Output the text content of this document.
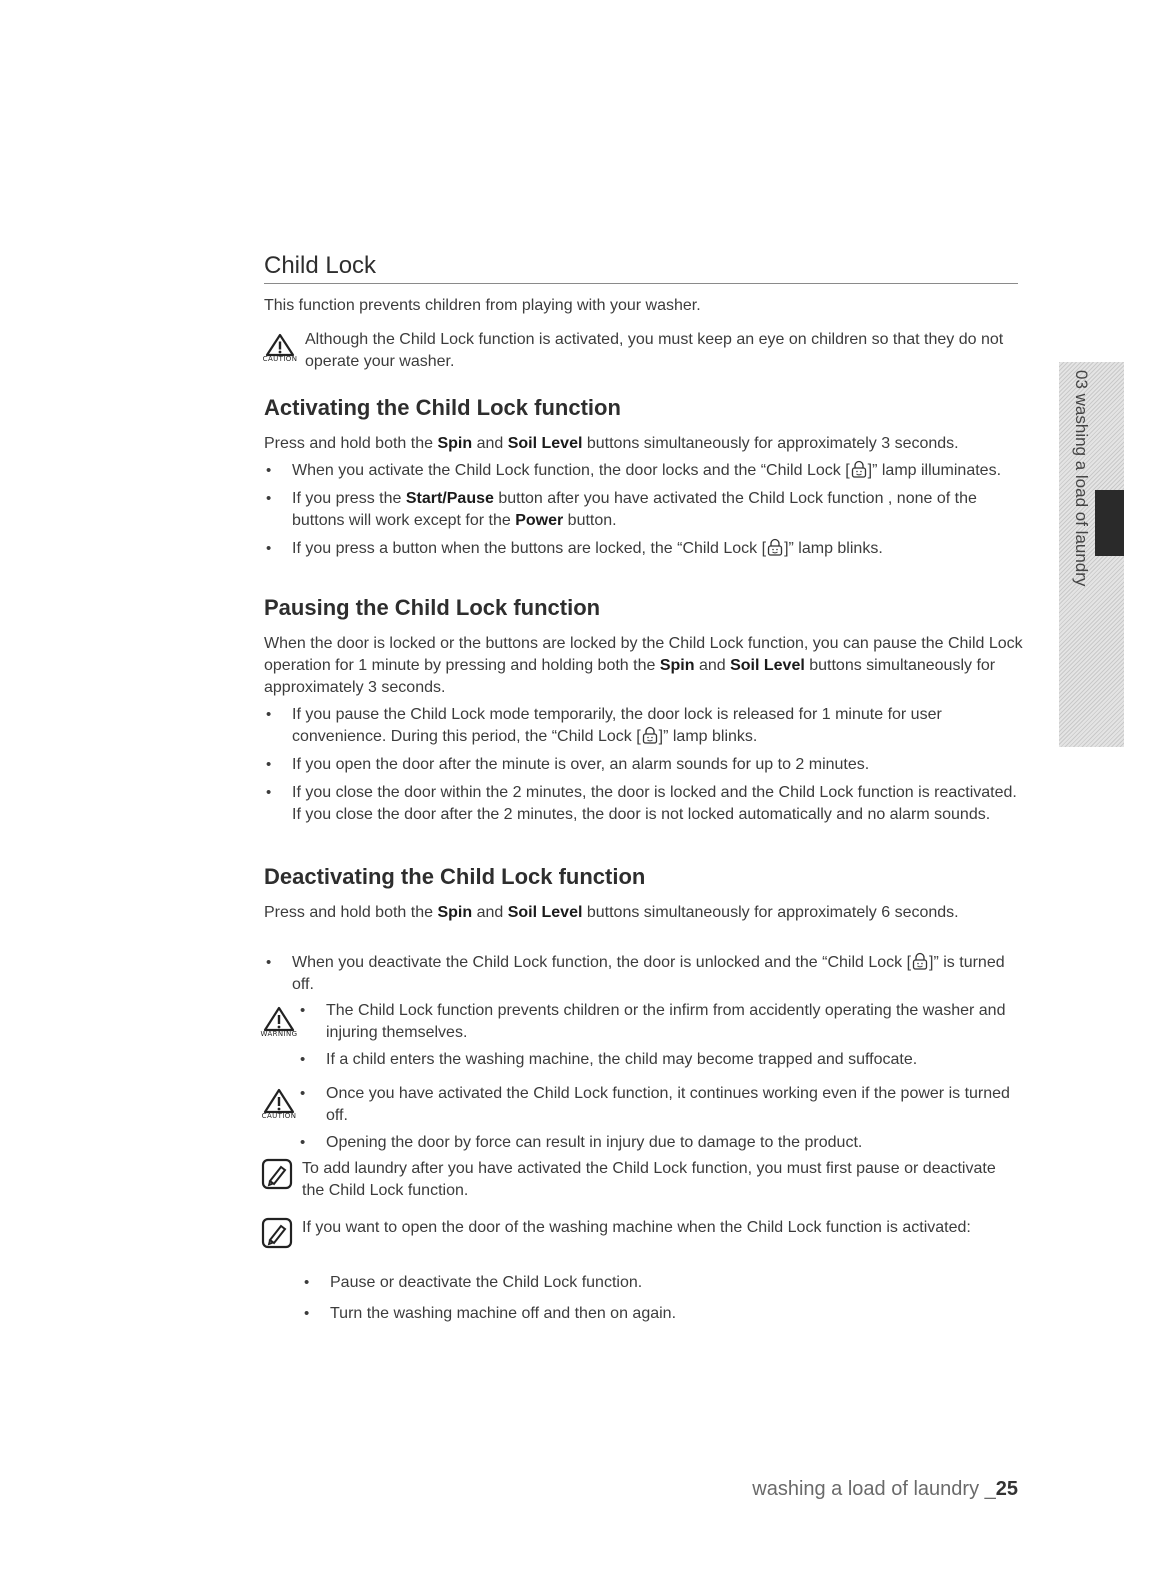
Child Lock

This function prevents children from playing with your washer.

CAUTION

Although the Child Lock function is activated, you must keep an eye on children so that they do not operate your washer.

Activating the Child Lock function

Press and hold both the Spin and Soil Level buttons simultaneously for approximately 3 seconds.

• When you activate the Child Lock function, the door locks and the “Child Lock [ ]” lamp illuminates.
• If you press the Start/Pause button after you have activated the Child Lock function , none of the buttons will work except for the Power button.
• If you press a button when the buttons are locked, the “Child Lock [ ]” lamp blinks.
Pausing the Child Lock function

When the door is locked or the buttons are locked by the Child Lock function, you can pause the Child Lock operation for 1 minute by pressing and holding both the Spin and Soil Level buttons simultaneously for approximately 3 seconds.

• If you pause the Child Lock mode temporarily, the door lock is released for 1 minute for user convenience. During this period, the “Child Lock [ ]” lamp blinks.
• If you open the door after the minute is over, an alarm sounds for up to 2 minutes.
• If you close the door within the 2 minutes, the door is locked and the Child Lock function is reactivated. If you close the door after the 2 minutes, the door is not locked automatically and no alarm sounds.
Deactivating the Child Lock function

Press and hold both the Spin and Soil Level buttons simultaneously for approximately 6 seconds.

• When you deactivate the Child Lock function, the door is unlocked and the “Child Lock [ ]” is turned off.
WARNING
• The Child Lock function prevents children or the infirm from accidently operating the washer and injuring themselves.
• If a child enters the washing machine, the child may become trapped and suffocate.
CAUTION
• Once you have activated the Child Lock function, it continues working even if the power is turned off.
• Opening the door by force can result in injury due to damage to the product.

To add laundry after you have activated the Child Lock function, you must first pause or deactivate the Child Lock function.

If you want to open the door of the washing machine when the Child Lock function is activated:

• Pause or deactivate the Child Lock function.
• Turn the washing machine off and then on again.
03 washing a load of laundry
washing a load of laundry _25
